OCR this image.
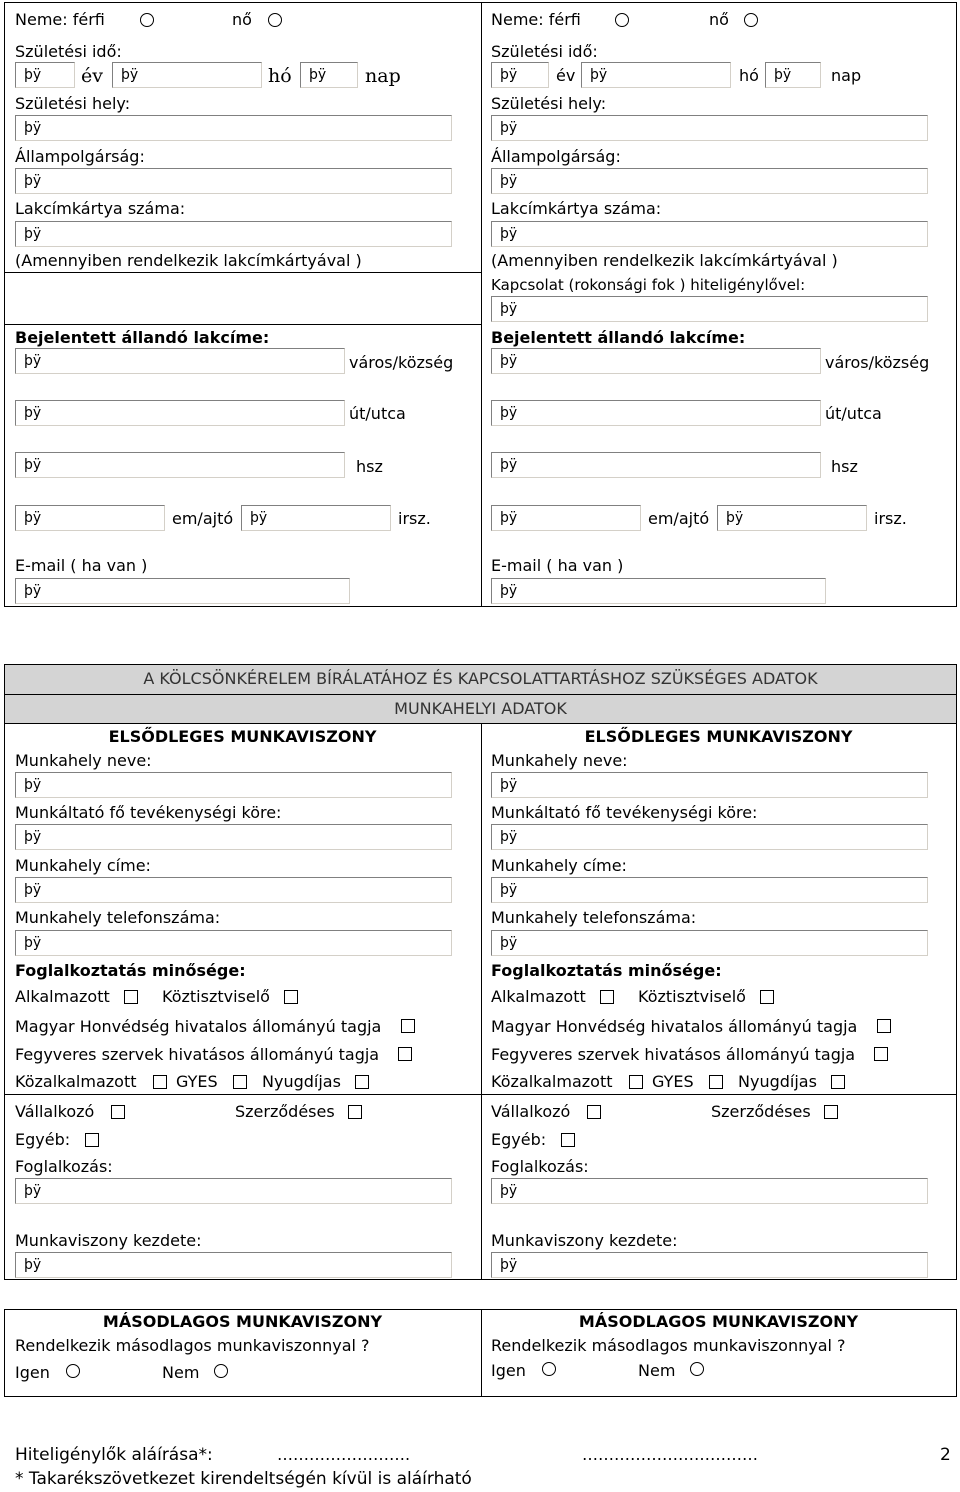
Neme: férfi	nő
Születési idő:
þÿ	év	þÿ	hó	þÿ	nap
Születési hely:
þÿ
Állampolgárság:
þÿ
Lakcímkártya száma:
þÿ
(Amennyiben rendelkezik lakcímkártyával )
Bejelentett állandó lakcíme:
þÿ	város/község
þÿ	út/utca
þÿ	hsz
þÿ	em/ajtó	þÿ	irsz.
E-mail ( ha van )
þÿ
Neme: férfi	nő
Születési idő:
þÿ	év	þÿ	hó	þÿ	nap
Születési hely:
þÿ
Állampolgárság:
þÿ
Lakcímkártya száma:
þÿ
(Amennyiben rendelkezik lakcímkártyával )
Kapcsolat (rokonsági fok ) hiteligénylővel:
þÿ
Bejelentett állandó lakcíme:
þÿ	város/község
þÿ	út/utca
þÿ	hsz
þÿ	em/ajtó	þÿ	irsz.
E-mail ( ha van )
þÿ
A KÖLCSÖNKÉRELEM BÍRÁLATÁHOZ ÉS KAPCSOLATTARTÁSHOZ SZÜKSÉGES ADATOK
MUNKAHELYI ADATOK
ELSŐDLEGES MUNKAVISZONY
Munkahely neve:
þÿ
Munkáltató fő tevékenységi köre:
þÿ
Munkahely címe:
þÿ
Munkahely telefonszáma:
þÿ
Foglalkoztatás minősége:
Alkalmazott	Köztisztviselő
Magyar Honvédség hivatalos állományú tagja
Fegyveres szervek hivatásos állományú tagja
Közalkalmazott GYES	Nyugdíjas
Vállalkozó	Szerződéses
Egyéb:
Foglalkozás:
þÿ
Munkaviszony kezdete:
þÿ
ELSŐDLEGES MUNKAVISZONY
Munkahely neve:
þÿ
Munkáltató fő tevékenységi köre:
þÿ
Munkahely címe:
þÿ
Munkahely telefonszáma:
þÿ
Foglalkoztatás minősége:
Alkalmazott	Köztisztviselő
Magyar Honvédség hivatalos állományú tagja
Fegyveres szervek hivatásos állományú tagja
Közalkalmazott GYES	Nyugdíjas
Vállalkozó	Szerződéses
Egyéb:
Foglalkozás:
þÿ
Munkaviszony kezdete:
þÿ
MÁSODLAGOS MUNKAVISZONY
Rendelkezik másodlagos munkaviszonnyal ?
Igen	Nem
MÁSODLAGOS MUNKAVISZONY
Rendelkezik másodlagos munkaviszonnyal ?
Igen	Nem
Hiteligénylők aláírása*:	…………………….	……………………………	2
* Takarékszövetkezet kirendeltségén kívül is aláírható
